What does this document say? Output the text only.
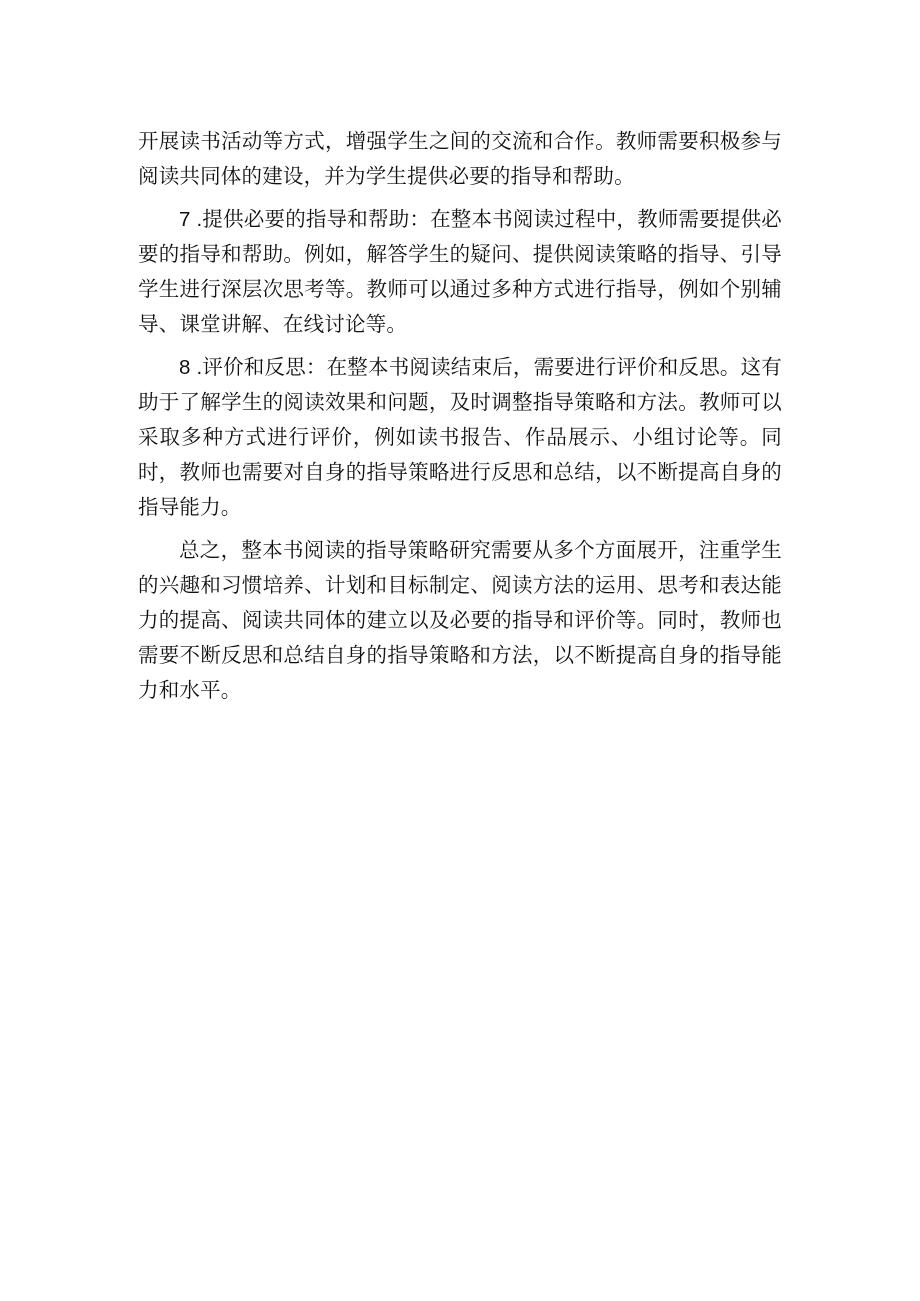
开展读书活动等方式，增强学生之间的交流和合作。教师需要积极参与阅读共同体的建设，并为学生提供必要的指导和帮助。

7 .提供必要的指导和帮助：在整本书阅读过程中，教师需要提供必要的指导和帮助。例如，解答学生的疑问、提供阅读策略的指导、引导学生进行深层次思考等。教师可以通过多种方式进行指导，例如个别辅导、课堂讲解、在线讨论等。

8 .评价和反思：在整本书阅读结束后，需要进行评价和反思。这有助于了解学生的阅读效果和问题，及时调整指导策略和方法。教师可以采取多种方式进行评价，例如读书报告、作品展示、小组讨论等。同时，教师也需要对自身的指导策略进行反思和总结，以不断提高自身的指导能力。

总之，整本书阅读的指导策略研究需要从多个方面展开，注重学生的兴趣和习惯培养、计划和目标制定、阅读方法的运用、思考和表达能力的提高、阅读共同体的建立以及必要的指导和评价等。同时，教师也需要不断反思和总结自身的指导策略和方法，以不断提高自身的指导能力和水平。
